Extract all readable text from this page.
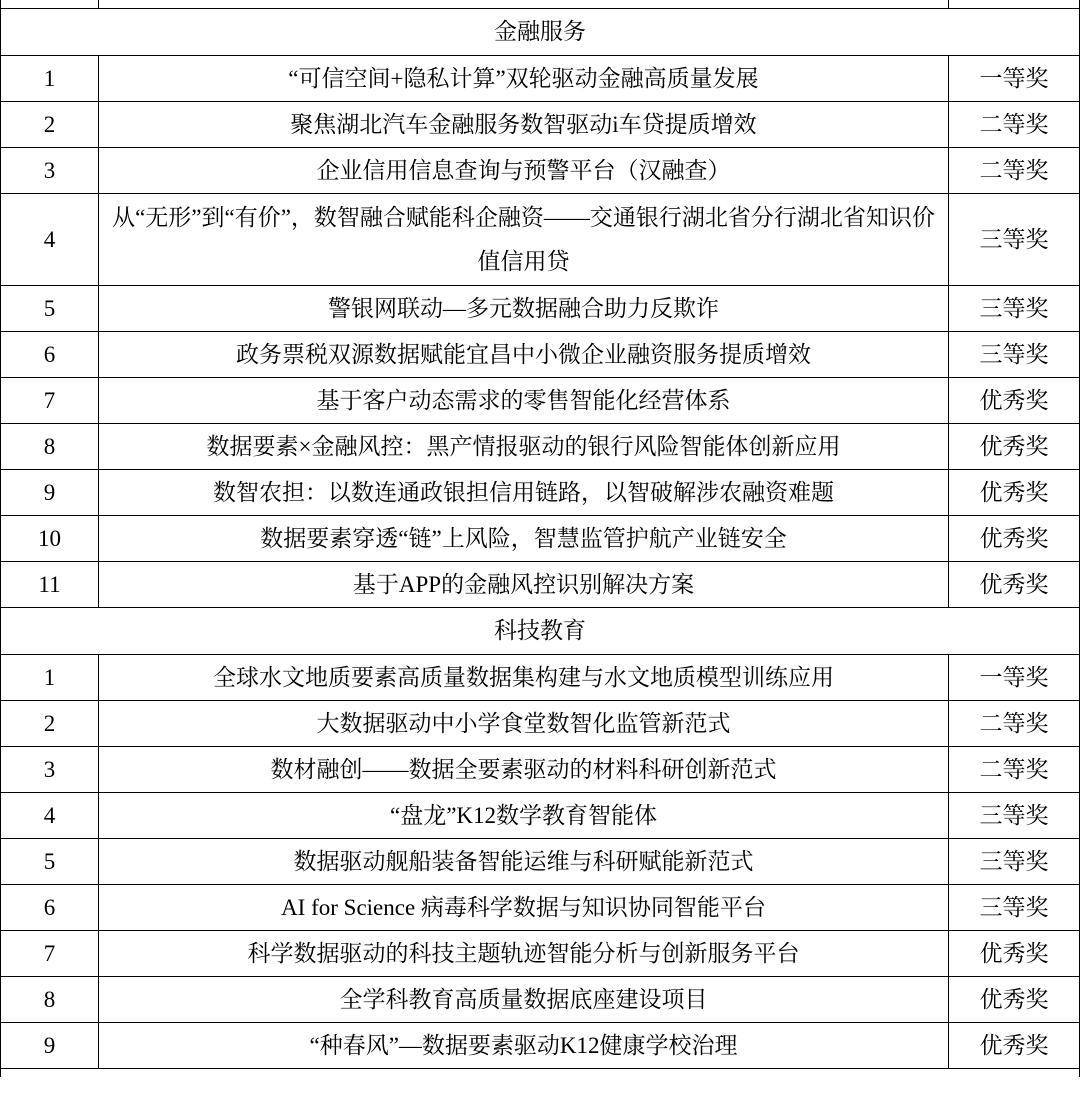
金融服务		
1	“可信空间+隐私计算”双轮驱动金融高质量发展	一等奖
2	聚焦湖北汽车金融服务数智驱动i车贷提质增效	二等奖
3	企业信用信息查询与预警平台（汉融查）	二等奖
4	从“无形”到“有价”，数智融合赋能科企融资——交通银行湖北省分行湖北省知识价值信用贷	三等奖
5	警银网联动—多元数据融合助力反欺诈	三等奖
6	政务票税双源数据赋能宜昌中小微企业融资服务提质增效	三等奖
7	基于客户动态需求的零售智能化经营体系	优秀奖
8	数据要素×金融风控：黑产情报驱动的银行风险智能体创新应用	优秀奖
9	数智农担：以数连通政银担信用链路，以智破解涉农融资难题	优秀奖
10	数据要素穿透“链”上风险，智慧监管护航产业链安全	优秀奖
11	基于APP的金融风控识别解决方案	优秀奖
科技教育		
1	全球水文地质要素高质量数据集构建与水文地质模型训练应用	一等奖
2	大数据驱动中小学食堂数智化监管新范式	二等奖
3	数材融创——数据全要素驱动的材料科研创新范式	二等奖
4	“盘龙”K12数学教育智能体	三等奖
5	数据驱动舰船装备智能运维与科研赋能新范式	三等奖
6	AI for Science 病毒科学数据与知识协同智能平台	三等奖
7	科学数据驱动的科技主题轨迹智能分析与创新服务平台	优秀奖
8	全学科教育高质量数据底座建设项目	优秀奖
9	“种春风”—数据要素驱动K12健康学校治理	优秀奖
